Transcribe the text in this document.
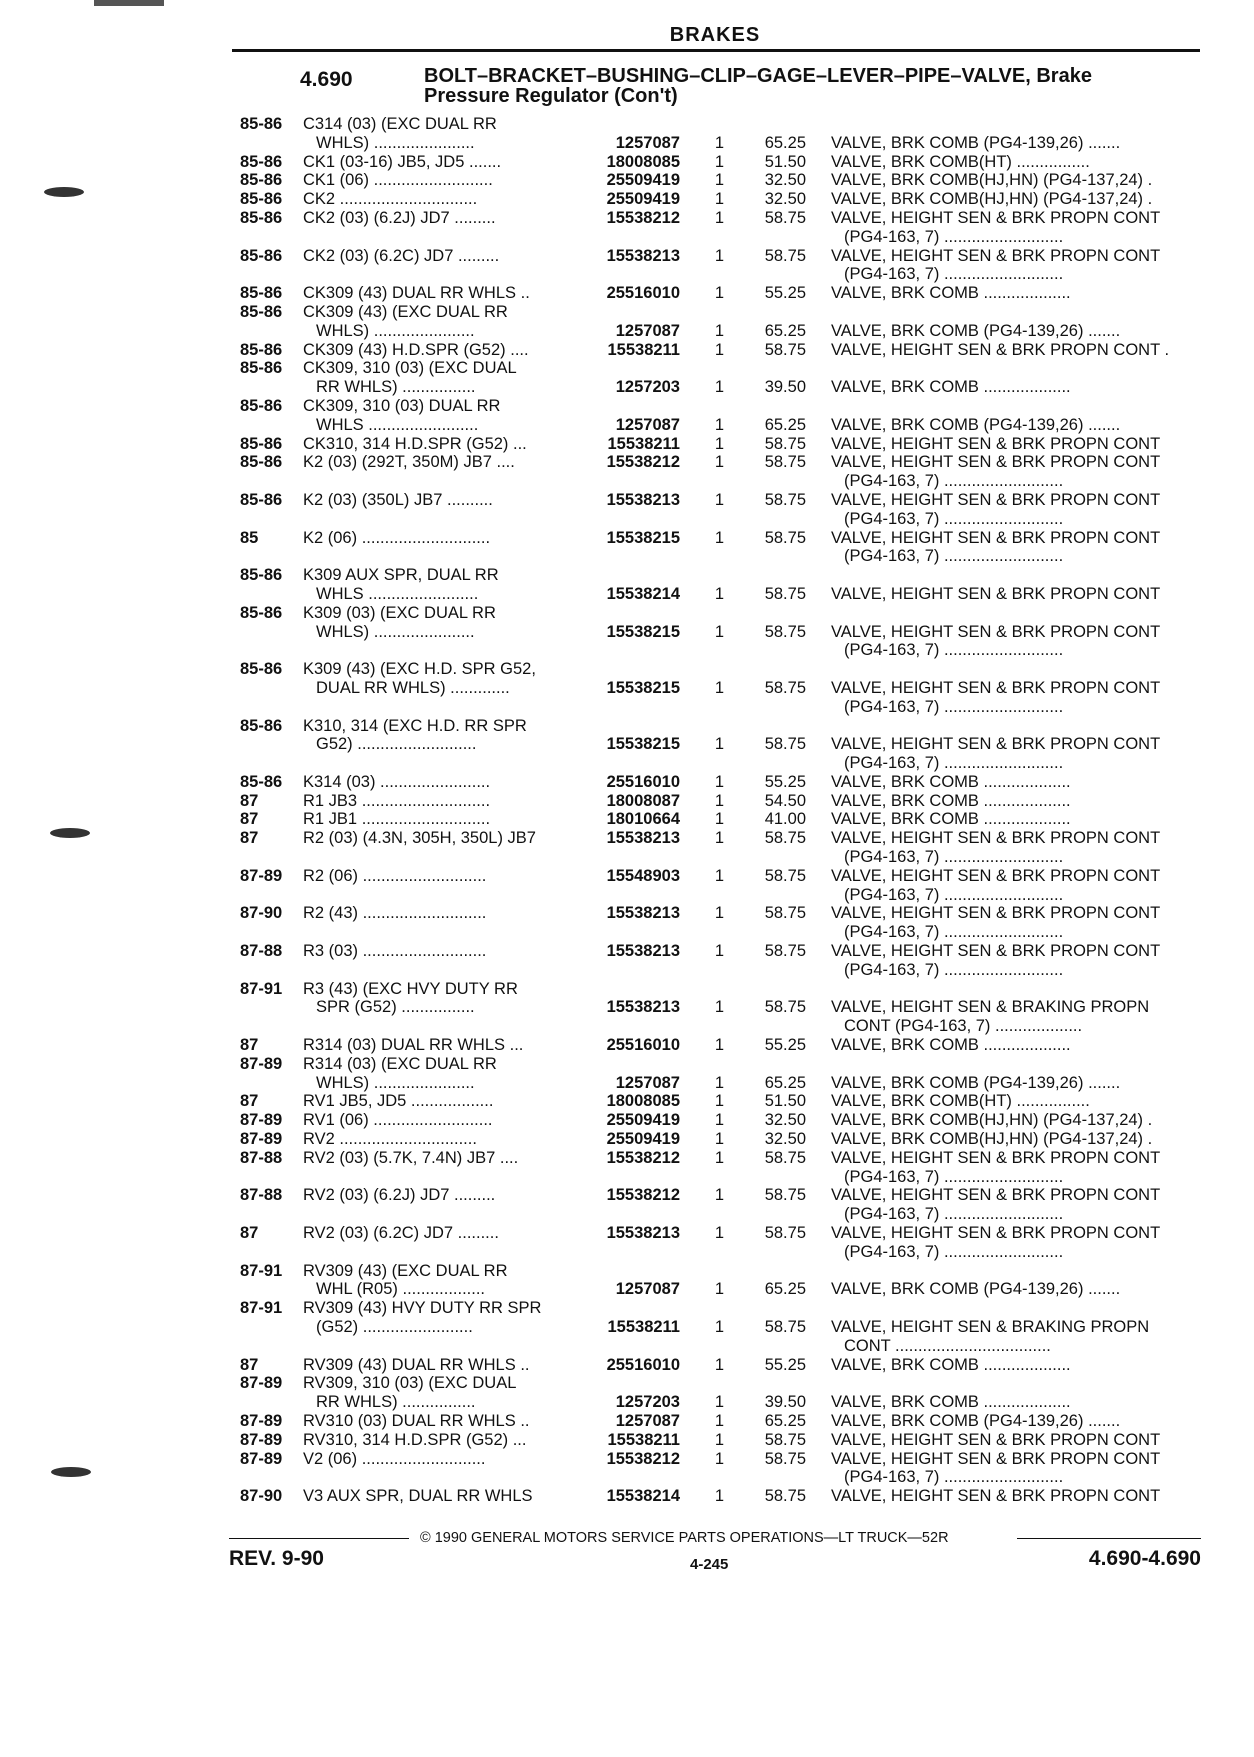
BRAKES
4.690	BOLT–BRACKET–BUSHING–CLIP–GAGE–LEVER–PIPE–VALVE, Brake
Pressure Regulator (Con't)
85-86	C314 (03) (EXC DUAL RR
WHLS) ......................	1257087	1	65.25 VALVE, BRK COMB (PG4-139,26) .......
85-86	CK1 (03-16) JB5, JD5 .......	18008085	1	51.50 VALVE, BRK COMB(HT) ................
85-86	CK1 (06) ..........................	25509419	1	32.50 VALVE, BRK COMB(HJ,HN) (PG4-137,24) .
85-86	CK2 ..............................	25509419	1	32.50 VALVE, BRK COMB(HJ,HN) (PG4-137,24) .
85-86	CK2 (03) (6.2J) JD7 .........	15538212	1	58.75 VALVE, HEIGHT SEN & BRK PROPN CONT
(PG4-163, 7) ..........................
85-86	CK2 (03) (6.2C) JD7 .........	15538213	1	58.75 VALVE, HEIGHT SEN & BRK PROPN CONT
(PG4-163, 7) ..........................
85-86	CK309 (43) DUAL RR WHLS ..	25516010	1	55.25 VALVE, BRK COMB ...................
85-86	CK309 (43) (EXC DUAL RR
WHLS) ......................	1257087	1	65.25 VALVE, BRK COMB (PG4-139,26) .......
85-86	CK309 (43) H.D.SPR (G52) ....	15538211	1	58.75 VALVE, HEIGHT SEN & BRK PROPN CONT .
85-86	CK309, 310 (03) (EXC DUAL
RR WHLS) ................	1257203	1	39.50 VALVE, BRK COMB ...................
85-86	CK309, 310 (03) DUAL RR
WHLS ........................	1257087	1	65.25 VALVE, BRK COMB (PG4-139,26) .......
85-86	CK310, 314 H.D.SPR (G52) ...	15538211	1	58.75 VALVE, HEIGHT SEN & BRK PROPN CONT
85-86	K2 (03) (292T, 350M) JB7 ....	15538212	1	58.75 VALVE, HEIGHT SEN & BRK PROPN CONT
(PG4-163, 7) ..........................
85-86	K2 (03) (350L) JB7 ..........	15538213	1	58.75 VALVE, HEIGHT SEN & BRK PROPN CONT
(PG4-163, 7) ..........................
85	K2 (06) ............................	15538215	1	58.75 VALVE, HEIGHT SEN & BRK PROPN CONT
(PG4-163, 7) ..........................
85-86	K309 AUX SPR, DUAL RR
WHLS ........................	15538214	1	58.75 VALVE, HEIGHT SEN & BRK PROPN CONT
85-86	K309 (03) (EXC DUAL RR
WHLS) ......................	15538215	1	58.75 VALVE, HEIGHT SEN & BRK PROPN CONT
(PG4-163, 7) ..........................
85-86	K309 (43) (EXC H.D. SPR G52,
DUAL RR WHLS) .............	15538215	1	58.75 VALVE, HEIGHT SEN & BRK PROPN CONT
(PG4-163, 7) ..........................
85-86	K310, 314 (EXC H.D. RR SPR
G52) ..........................	15538215	1	58.75 VALVE, HEIGHT SEN & BRK PROPN CONT
(PG4-163, 7) ..........................
85-86	K314 (03) ........................	25516010	1	55.25 VALVE, BRK COMB ...................
87	R1 JB3 ............................	18008087	1	54.50 VALVE, BRK COMB ...................
87	R1 JB1 ............................	18010664	1	41.00 VALVE, BRK COMB ...................
87	R2 (03) (4.3N, 305H, 350L) JB7	15538213	1	58.75 VALVE, HEIGHT SEN & BRK PROPN CONT
(PG4-163, 7) ..........................
87-89	R2 (06) ...........................	15548903	1	58.75 VALVE, HEIGHT SEN & BRK PROPN CONT
(PG4-163, 7) ..........................
87-90	R2 (43) ...........................	15538213	1	58.75 VALVE, HEIGHT SEN & BRK PROPN CONT
(PG4-163, 7) ..........................
87-88	R3 (03) ...........................	15538213	1	58.75 VALVE, HEIGHT SEN & BRK PROPN CONT
(PG4-163, 7) ..........................
87-91	R3 (43) (EXC HVY DUTY RR
SPR (G52) ................	15538213	1	58.75 VALVE, HEIGHT SEN & BRAKING PROPN
CONT (PG4-163, 7) ...................
87	R314 (03) DUAL RR WHLS ...	25516010	1	55.25 VALVE, BRK COMB ...................
87-89	R314 (03) (EXC DUAL RR
WHLS) ......................	1257087	1	65.25 VALVE, BRK COMB (PG4-139,26) .......
87	RV1 JB5, JD5 ..................	18008085	1	51.50 VALVE, BRK COMB(HT) ................
87-89	RV1 (06) ..........................	25509419	1	32.50 VALVE, BRK COMB(HJ,HN) (PG4-137,24) .
87-89	RV2 ..............................	25509419	1	32.50 VALVE, BRK COMB(HJ,HN) (PG4-137,24) .
87-88	RV2 (03) (5.7K, 7.4N) JB7 ....	15538212	1	58.75 VALVE, HEIGHT SEN & BRK PROPN CONT
(PG4-163, 7) ..........................
87-88	RV2 (03) (6.2J) JD7 .........	15538212	1	58.75 VALVE, HEIGHT SEN & BRK PROPN CONT
(PG4-163, 7) ..........................
87	RV2 (03) (6.2C) JD7 .........	15538213	1	58.75 VALVE, HEIGHT SEN & BRK PROPN CONT
(PG4-163, 7) ..........................
87-91	RV309 (43) (EXC DUAL RR
WHL (R05) ..................	1257087	1	65.25 VALVE, BRK COMB (PG4-139,26) .......
87-91	RV309 (43) HVY DUTY RR SPR
(G52) ........................	15538211	1	58.75 VALVE, HEIGHT SEN & BRAKING PROPN
CONT ..................................
87	RV309 (43) DUAL RR WHLS ..	25516010	1	55.25 VALVE, BRK COMB ...................
87-89	RV309, 310 (03) (EXC DUAL
RR WHLS) ................	1257203	1	39.50 VALVE, BRK COMB ...................
87-89	RV310 (03) DUAL RR WHLS ..	1257087	1	65.25 VALVE, BRK COMB (PG4-139,26) .......
87-89	RV310, 314 H.D.SPR (G52) ...	15538211	1	58.75 VALVE, HEIGHT SEN & BRK PROPN CONT
87-89	V2 (06) ...........................	15538212	1	58.75 VALVE, HEIGHT SEN & BRK PROPN CONT
(PG4-163, 7) ..........................
87-90	V3 AUX SPR, DUAL RR WHLS	15538214	1	58.75 VALVE, HEIGHT SEN & BRK PROPN CONT
© 1990 GENERAL MOTORS SERVICE PARTS OPERATIONS—LT TRUCK—52R
REV. 9-90	4-245	4.690-4.690
